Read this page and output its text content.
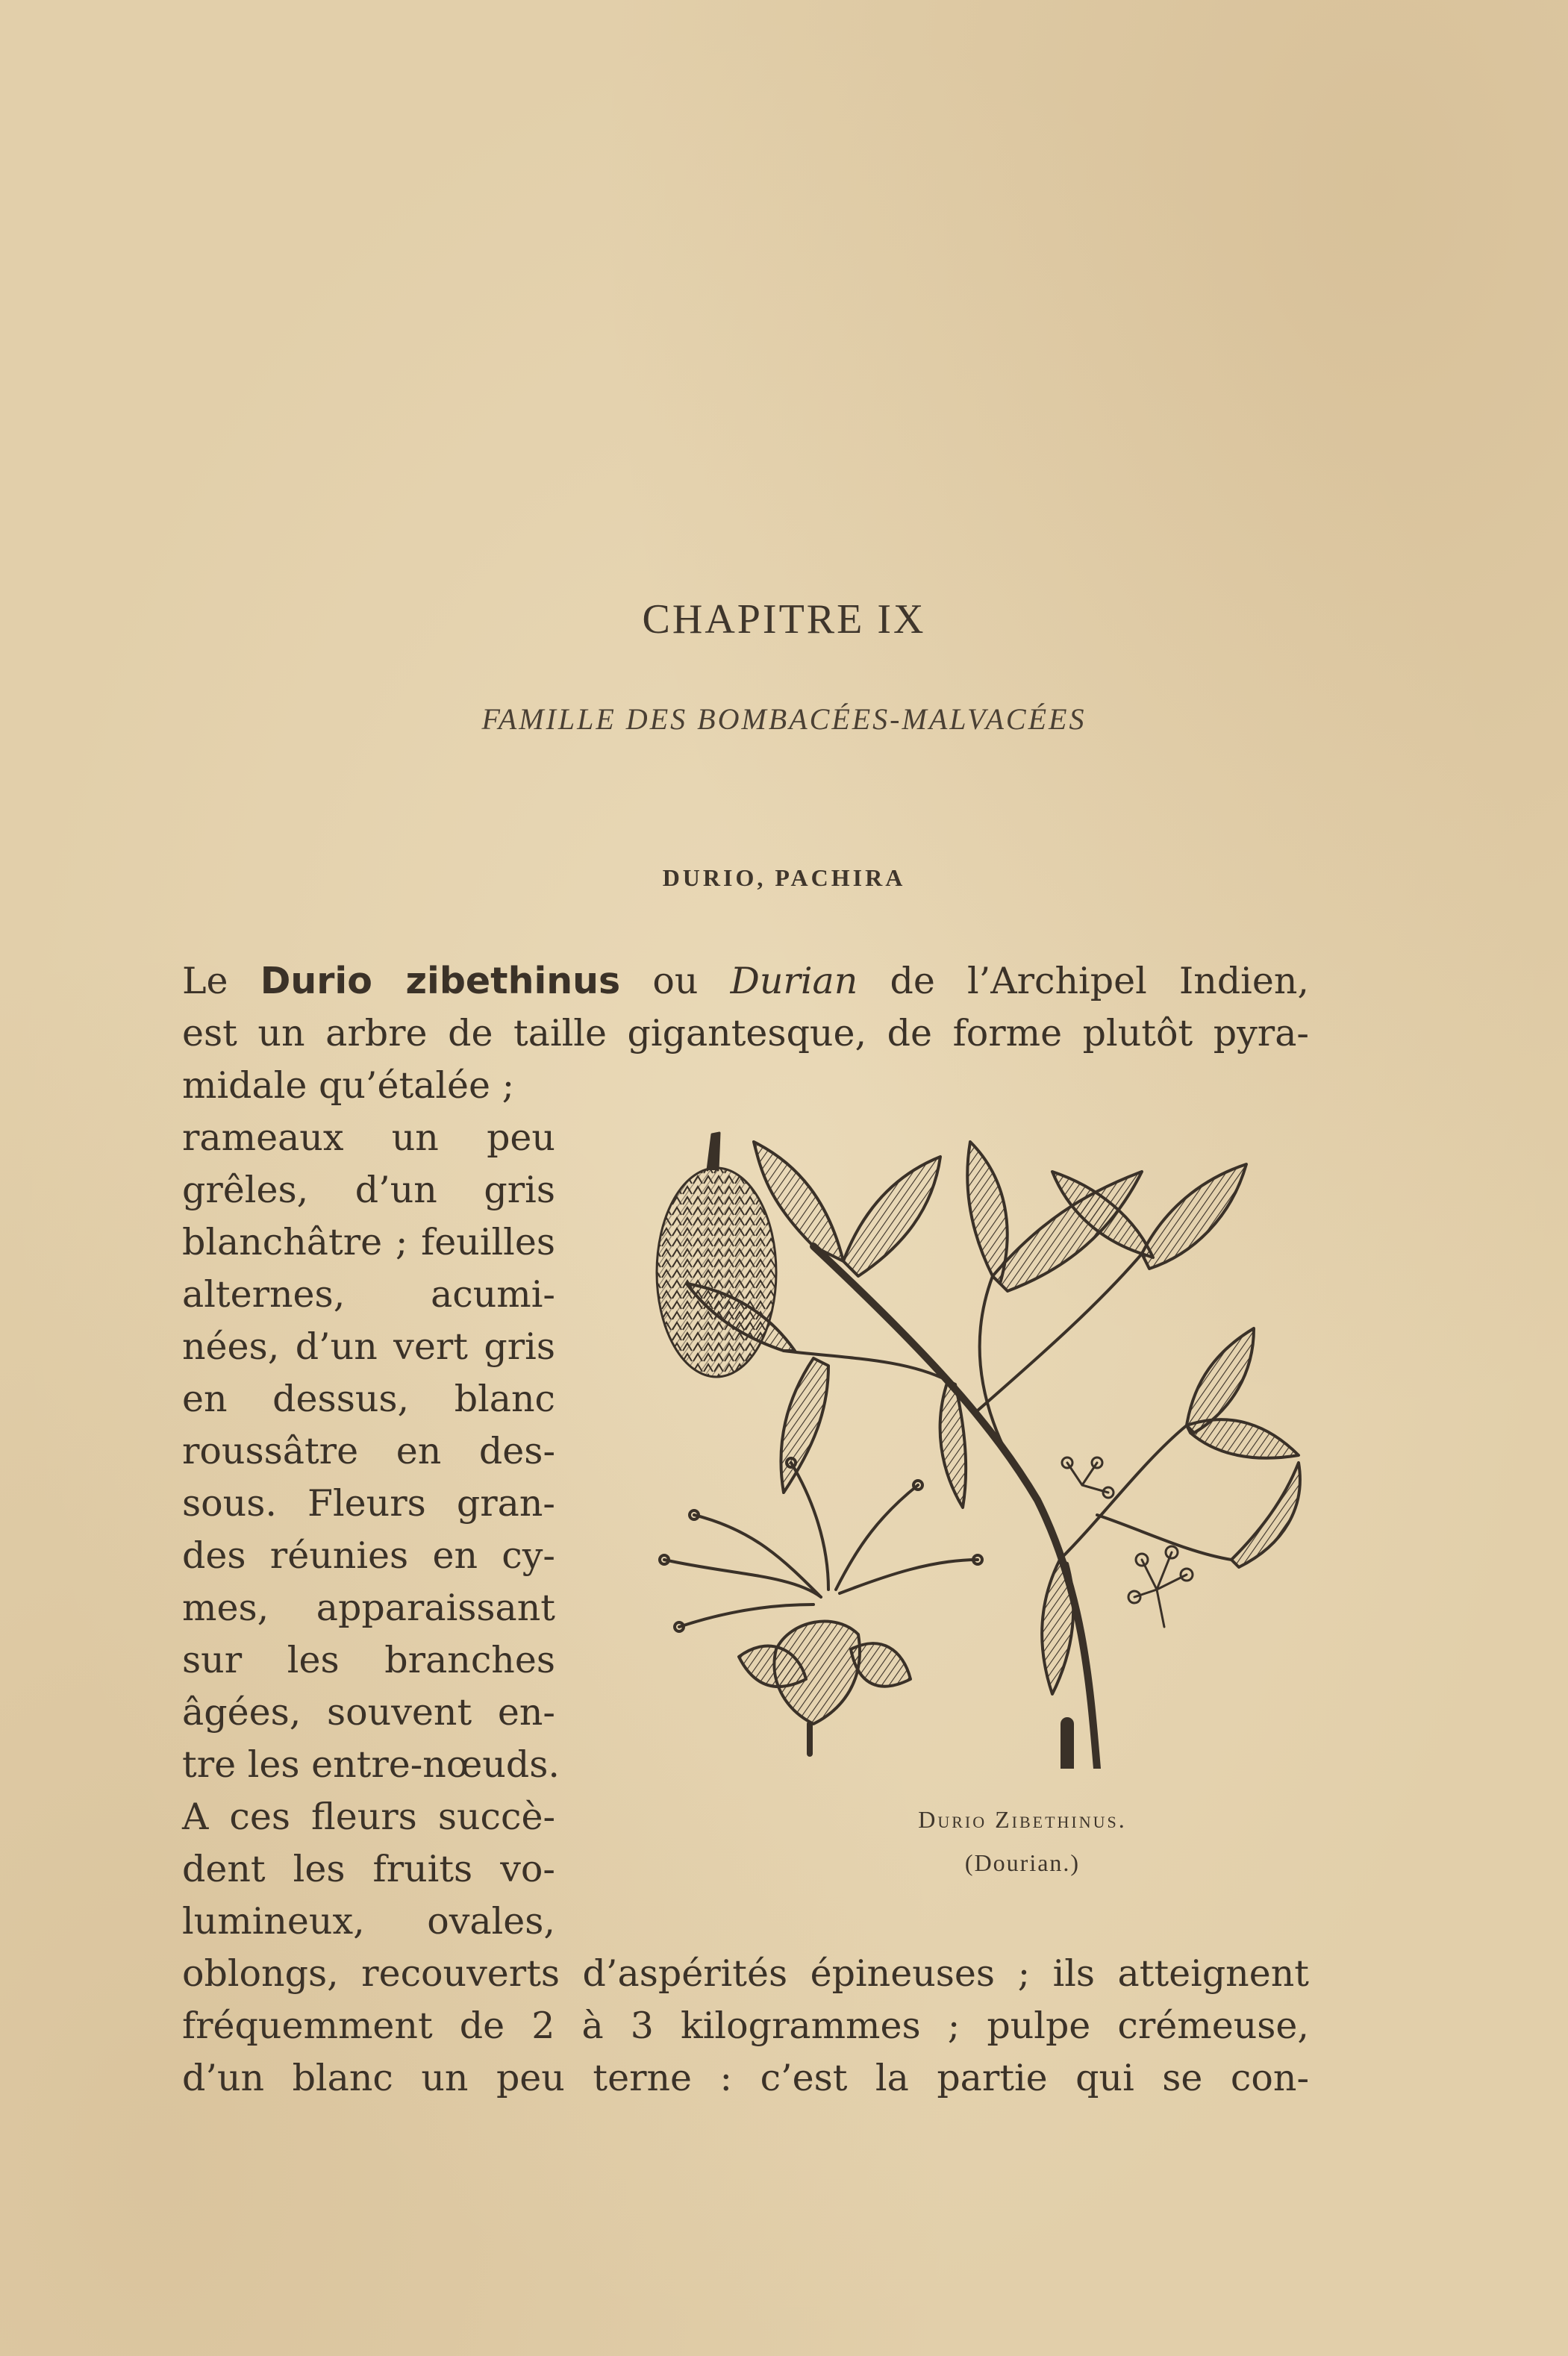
CHAPITRE IX
FAMILLE DES BOMBACÉES-MALVACÉES
DURIO, PACHIRA

Le Durio zibethinus ou Durian de l’Archipel Indien,

est un arbre de taille gigantesque, de forme plutôt pyra-

midale qu’étalée ;

rameaux un peu

grêles, d’un gris

blanchâtre ; feuilles

alternes, acumi-

nées, d’un vert gris

en dessus, blanc

roussâtre en des-

sous. Fleurs gran-

des réunies en cy-

mes, apparaissant

sur les branches

âgées, souvent en-

tre les entre-nœuds.

A ces fleurs succè-

dent les fruits vo-

lumineux, ovales,

oblongs, recouverts d’aspérités épineuses ; ils atteignent

fréquemment de 2 à 3 kilogrammes ; pulpe crémeuse,

d’un blanc un peu terne : c’est la partie qui se con-

Durio Zibethinus.
(Dourian.)
